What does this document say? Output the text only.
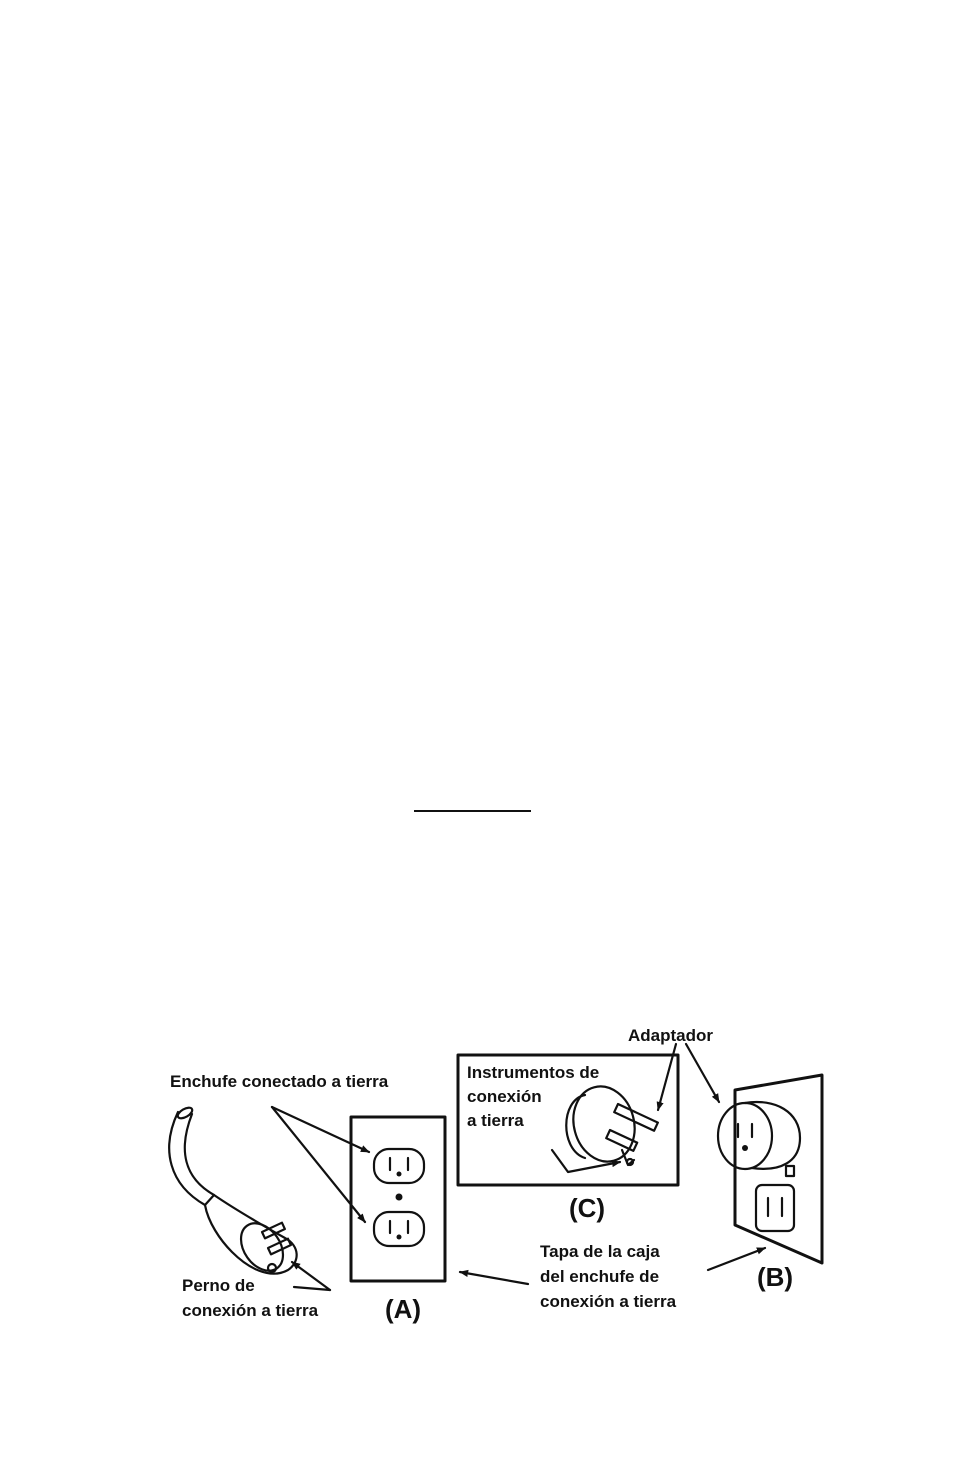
Enchufe conectado a tierra
Perno de
conexión a tierra
Adaptador
Instrumentos de
conexión
a tierra
Tapa de la caja
del enchufe de
conexión a tierra
(A)
(B)
(C)
